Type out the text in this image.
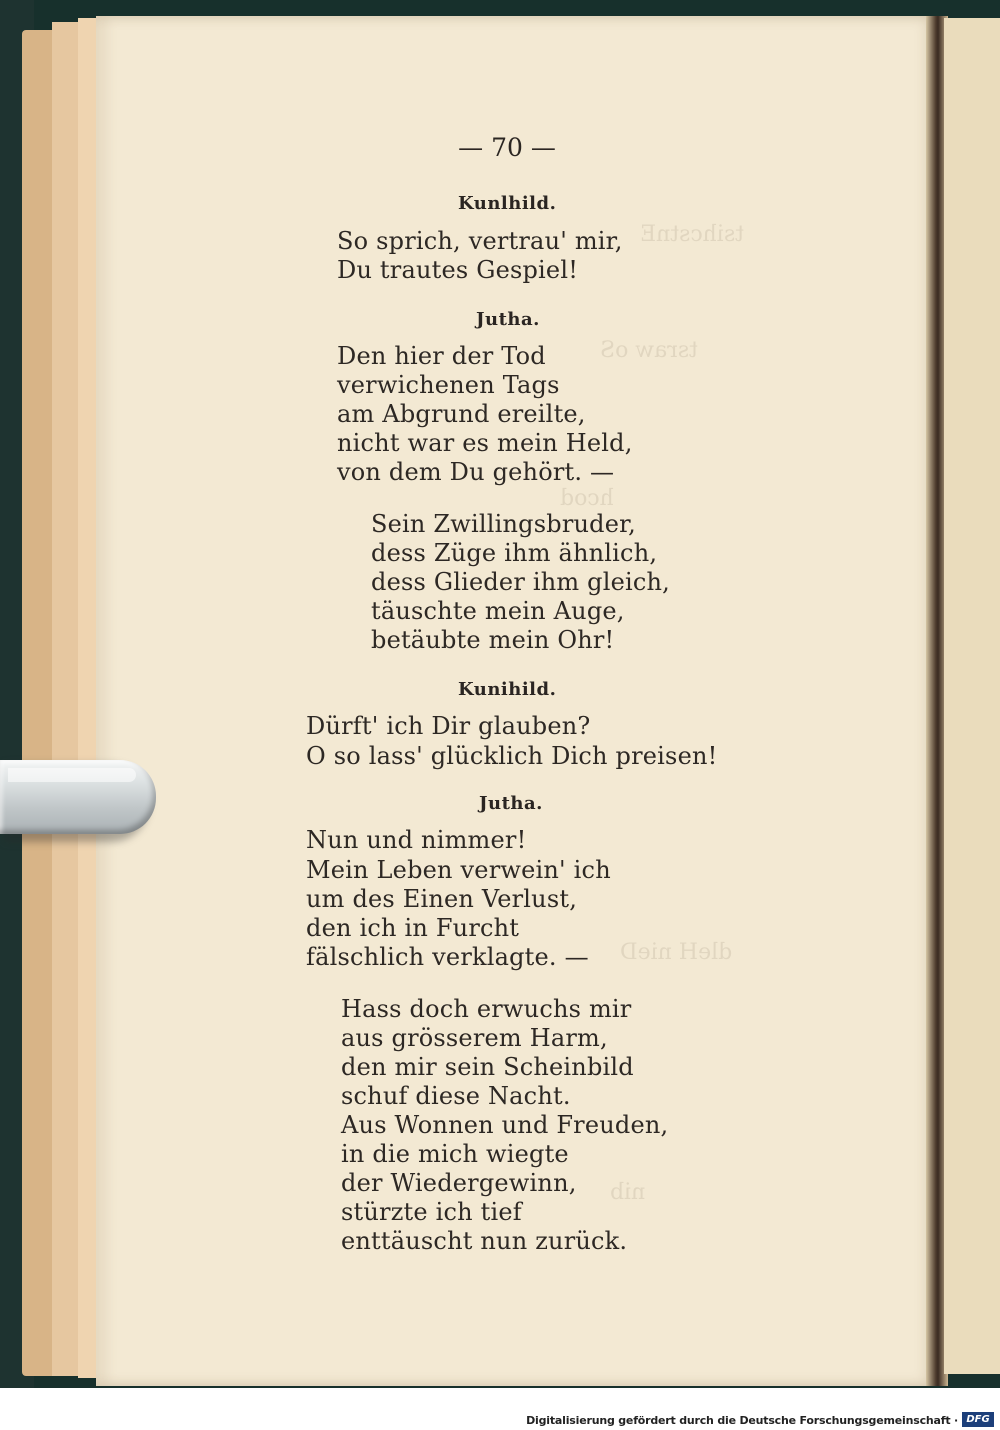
— 70 —
Kunlhild.
So sprich, vertrau' mir,
Du trautes Gespiel!
Jutha.
Den hier der Tod
verwichenen Tags
am Abgrund ereilte,
nicht war es mein Held,
von dem Du gehört. —
Sein Zwillingsbruder,
dess Züge ihm ähnlich,
dess Glieder ihm gleich,
täuschte mein Auge,
betäubte mein Ohr!
Kunihild.
Dürft' ich Dir glauben?
O so lass' glücklich Dich preisen!
Jutha.
Nun und nimmer!
Mein Leben verwein' ich
um des Einen Verlust,
den ich in Furcht
fälschlich verklagte. —
Hass doch erwuchs mir
aus grösserem Harm,
den mir sein Scheinbild
schuf diese Nacht.
Aus Wonnen und Freuden,
in die mich wiegte
der Wiedergewinn,
stürzte ich tief
enttäuscht nun zurück.
Digitalisierung gefördert durch die Deutsche Forschungsgemeinschaft · DFG
